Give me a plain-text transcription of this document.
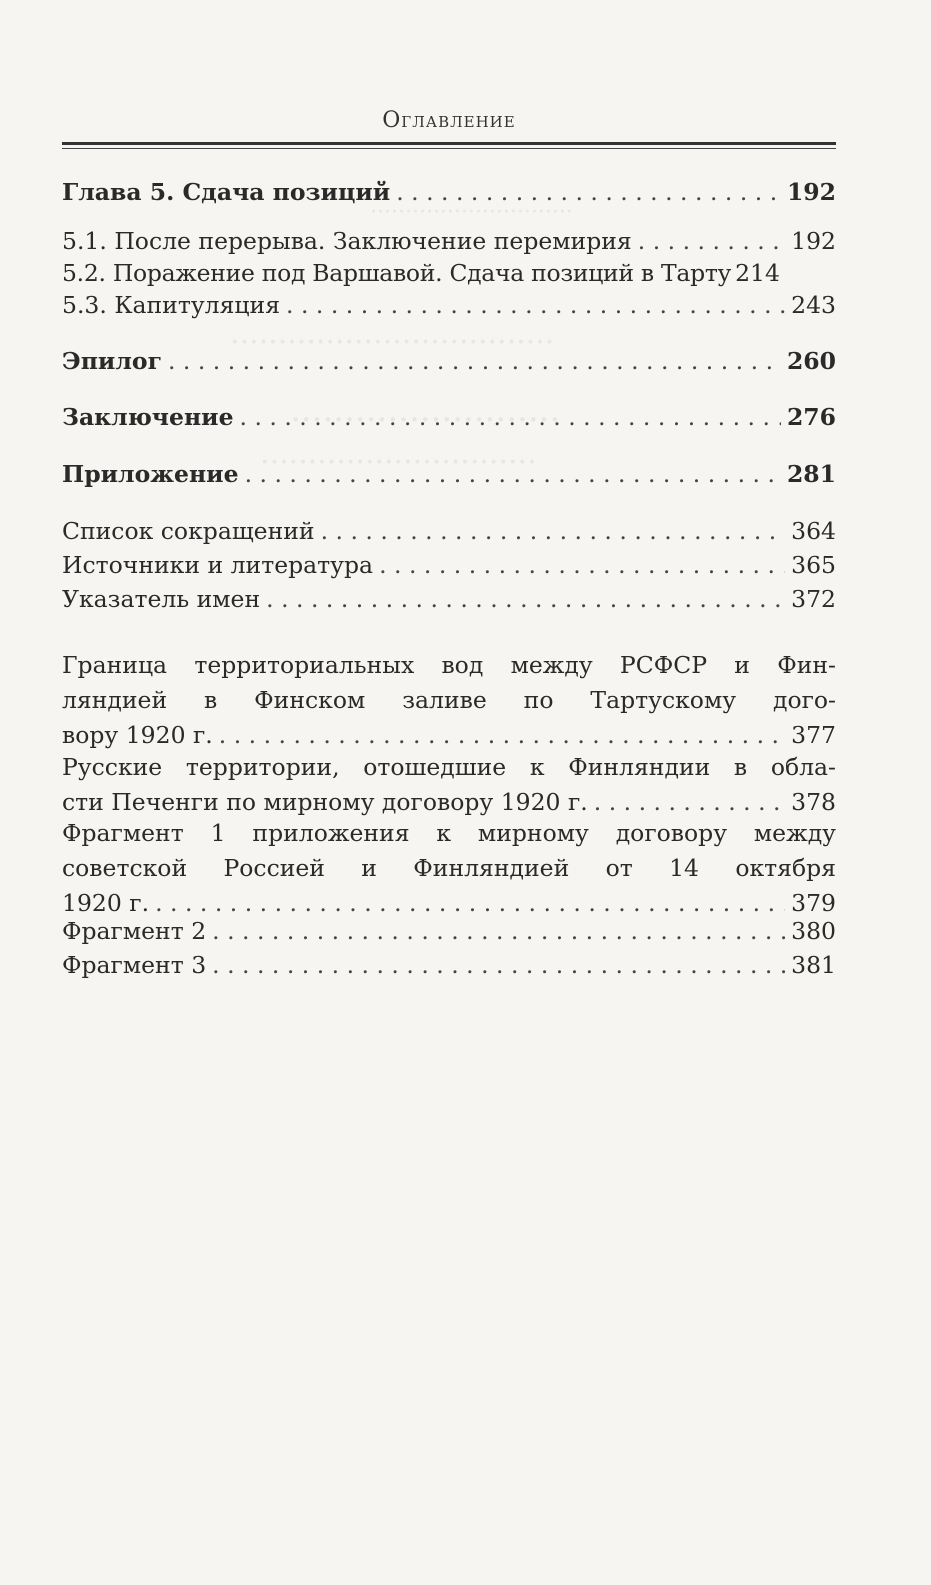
·····························
··································
·························
·····························
Оглавление
Глава 5. Сдача позиций . . .	192
5.1. После перерыва. Заключение перемирия . . .	192
5.2. Поражение под Варшавой. Сдача позиций в Тарту 214
5.3. Капитуляция . . .	243
Эпилог . . .	260
Заключение . . .	276
Приложение . . .	281
Список сокращений . . .	364
Источники и литература . . .	365
Указатель имен . . .	372
Граница территориальных вод между РСФСР и Фин-
ляндией в Финском заливе по Тартускому дого-
вору 1920 г. . . .	377
Русские территории, отошедшие к Финляндии в обла-
сти Печенги по мирному договору 1920 г. . . .	378
Фрагмент 1 приложения к мирному договору между
советской Россией и Финляндией от 14 октября
1920 г. . . .	379
Фрагмент 2 . . .	380
Фрагмент 3 . . .	381
